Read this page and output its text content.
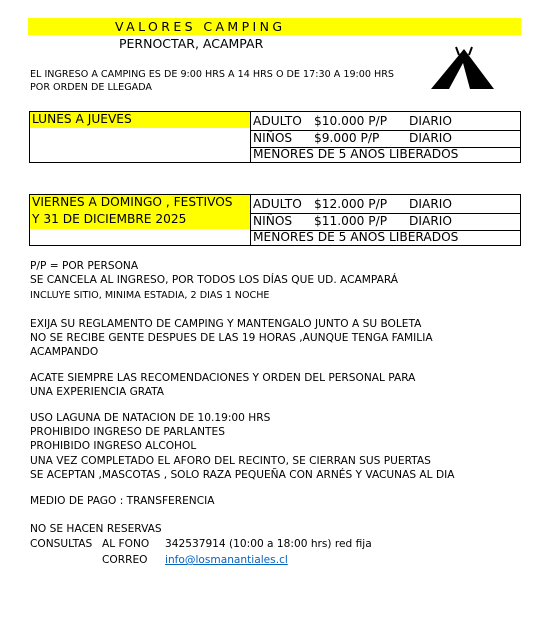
VALORES CAMPING
PERNOCTAR, ACAMPAR
EL INGRESO A CAMPING ES DE 9:00 HRS A 14 HRS O DE 17:30 A 19:00 HRS
POR ORDEN DE LLEGADA
LUNES A JUEVES	ADULTO $10.000 P/P DIARIO
NIÑOS $9.000 P/P DIARIO
MENORES DE 5 ANOS LIBERADOS
VIERNES A DOMINGO , FESTIVOS
Y 31 DE DICIEMBRE 2025
ADULTO $12.000 P/P DIARIO
NIÑOS $11.000 P/P DIARIO
MENORES DE 5 ANOS LIBERADOS
P/P = POR PERSONA
SE CANCELA AL INGRESO, POR TODOS LOS DÍAS QUE UD. ACAMPARÁ
INCLUYE SITIO, MINIMA ESTADIA, 2 DIAS 1 NOCHE
EXIJA SU REGLAMENTO DE CAMPING Y MANTENGALO JUNTO A SU BOLETA
NO SE RECIBE GENTE DESPUES DE LAS 19 HORAS ,AUNQUE TENGA FAMILIA
ACAMPANDO
ACATE SIEMPRE LAS RECOMENDACIONES Y ORDEN DEL PERSONAL PARA
UNA EXPERIENCIA GRATA
USO LAGUNA DE NATACION DE 10.19:00 HRS
PROHIBIDO INGRESO DE PARLANTES
PROHIBIDO INGRESO ALCOHOL
UNA VEZ COMPLETADO EL AFORO DEL RECINTO, SE CIERRAN SUS PUERTAS
SE ACEPTAN ,MASCOTAS , SOLO RAZA PEQUEÑA CON ARNÉS Y VACUNAS AL DIA
MEDIO DE PAGO : TRANSFERENCIA
NO SE HACEN RESERVAS
CONSULTAS AL FONO 342537914 (10:00 a 18:00 hrs) red fija
CORREO info@losmanantiales.cl
